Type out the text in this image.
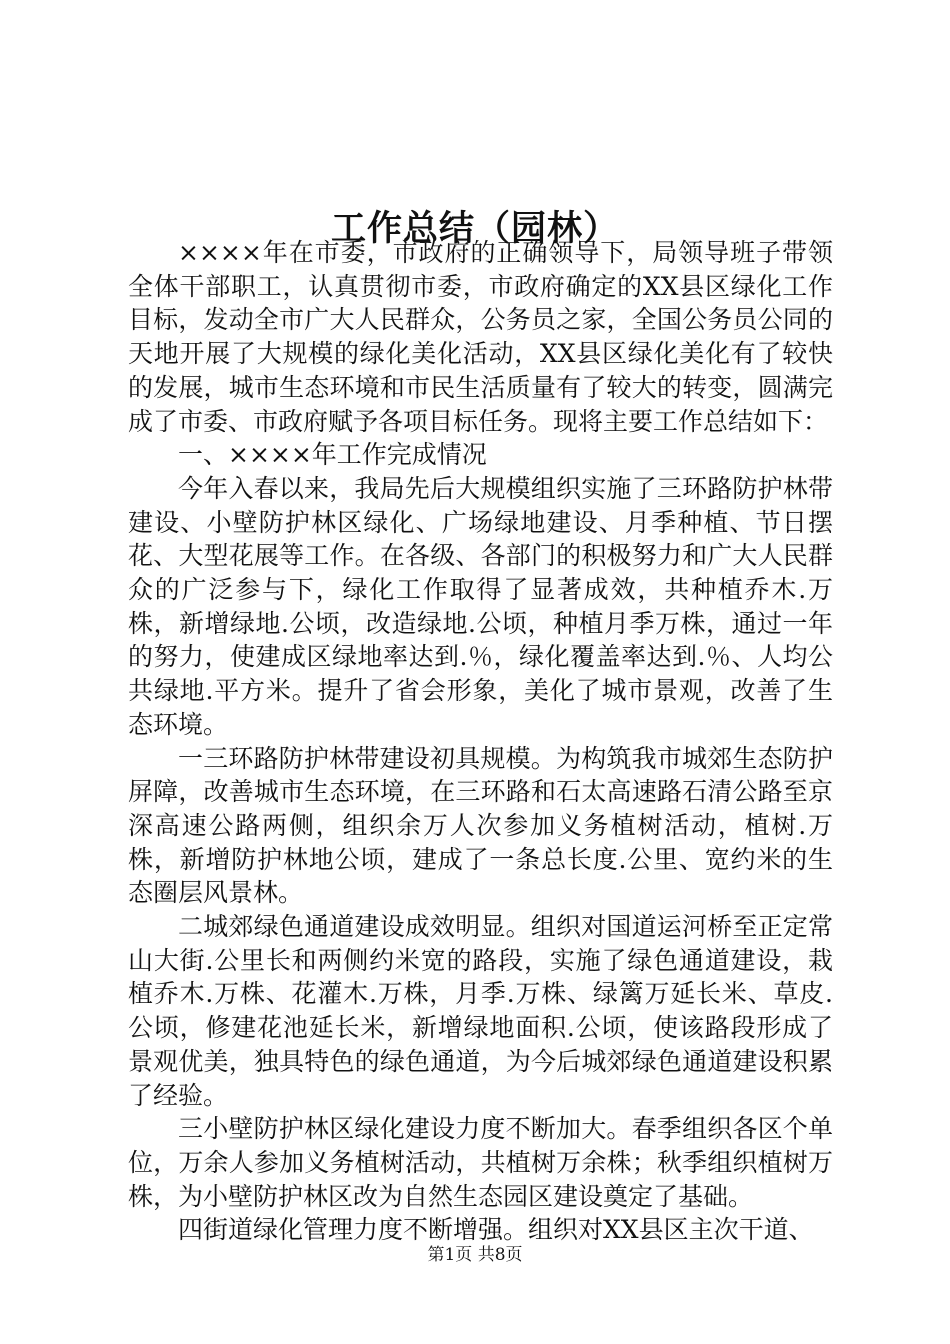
工作总结（园林）

××××年在市委，市政府的正确领导下，局领导班子带领全体干部职工，认真贯彻市委，市政府确定的XX县区绿化工作目标，发动全市广大人民群众，公务员之家，全国公务员公同的天地开展了大规模的绿化美化活动，XX县区绿化美化有了较快的发展，城市生态环境和市民生活质量有了较大的转变，圆满完成了市委、市政府赋予各项目标任务。现将主要工作总结如下：

一、××××年工作完成情况

今年入春以来，我局先后大规模组织实施了三环路防护林带建设、小壁防护林区绿化、广场绿地建设、月季种植、节日摆花、大型花展等工作。在各级、各部门的积极努力和广大人民群众的广泛参与下，绿化工作取得了显著成效，共种植乔木.万株，新增绿地.公顷，改造绿地.公顷，种植月季万株，通过一年的努力，使建成区绿地率达到.％，绿化覆盖率达到.％、人均公共绿地.平方米。提升了省会形象，美化了城市景观，改善了生态环境。

一三环路防护林带建设初具规模。为构筑我市城郊生态防护屏障，改善城市生态环境，在三环路和石太高速路石清公路至京深高速公路两侧，组织余万人次参加义务植树活动，植树.万株，新增防护林地公顷，建成了一条总长度.公里、宽约米的生态圈层风景林。

二城郊绿色通道建设成效明显。组织对国道运河桥至正定常山大街.公里长和两侧约米宽的路段，实施了绿色通道建设，栽植乔木.万株、花灌木.万株，月季.万株、绿篱万延长米、草皮.公顷，修建花池延长米，新增绿地面积.公顷，使该路段形成了景观优美，独具特色的绿色通道，为今后城郊绿色通道建设积累了经验。

三小壁防护林区绿化建设力度不断加大。春季组织各区个单位，万余人参加义务植树活动，共植树万余株；秋季组织植树万株，为小壁防护林区改为自然生态园区建设奠定了基础。

四街道绿化管理力度不断增强。组织对XX县区主次干道、

第1页 共8页
